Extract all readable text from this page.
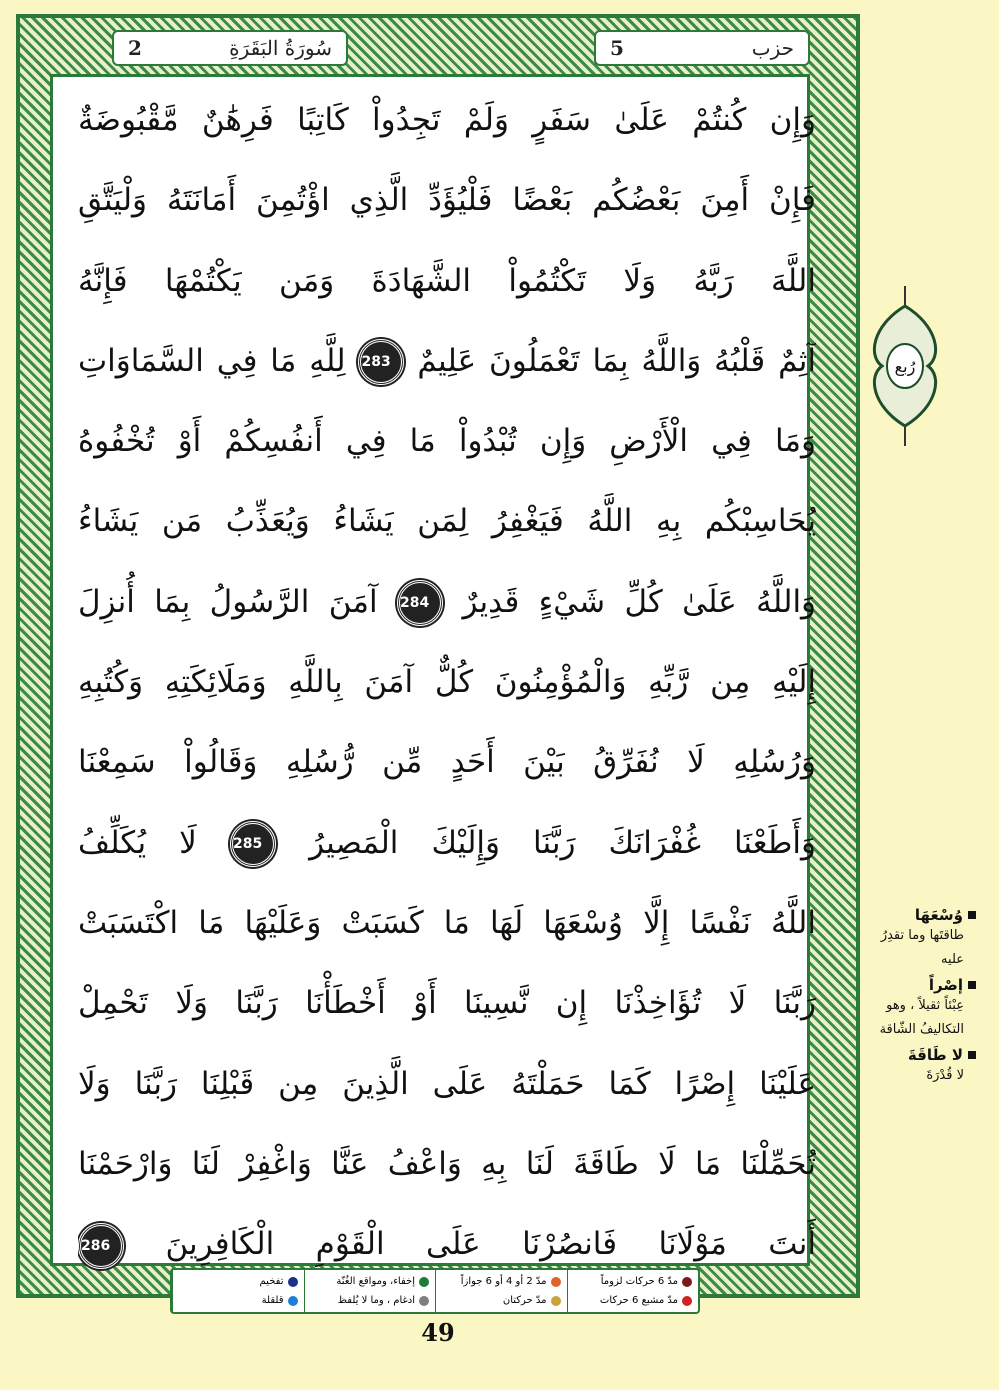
2	سُورَةُ البَقَرَةِ	حزب
5
وَإِن كُنتُمْ عَلَىٰ سَفَرٍ وَلَمْ تَجِدُواْ كَاتِبًا فَرِهَٰنٌ مَّقْبُوضَةٌ
فَإِنْ أَمِنَ بَعْضُكُم بَعْضًا فَلْيُؤَدِّ الَّذِي اؤْتُمِنَ أَمَانَتَهُ وَلْيَتَّقِ
اللَّهَ رَبَّهُ وَلَا تَكْتُمُواْ الشَّهَادَةَ وَمَن يَكْتُمْهَا فَإِنَّهُ
آثِمٌ قَلْبُهُ وَاللَّهُ بِمَا تَعْمَلُونَ عَلِيمٌ 283 لِلَّهِ مَا فِي السَّمَاوَاتِ
وَمَا فِي الْأَرْضِ وَإِن تُبْدُواْ مَا فِي أَنفُسِكُمْ أَوْ تُخْفُوهُ
يُحَاسِبْكُم بِهِ اللَّهُ فَيَغْفِرُ لِمَن يَشَاءُ وَيُعَذِّبُ مَن يَشَاءُ
وَاللَّهُ عَلَىٰ كُلِّ شَيْءٍ قَدِيرٌ 284 آمَنَ الرَّسُولُ بِمَا أُنزِلَ
إِلَيْهِ مِن رَّبِّهِ وَالْمُؤْمِنُونَ كُلٌّ آمَنَ بِاللَّهِ وَمَلَائِكَتِهِ وَكُتُبِهِ
وَرُسُلِهِ لَا نُفَرِّقُ بَيْنَ أَحَدٍ مِّن رُّسُلِهِ وَقَالُواْ سَمِعْنَا
وَأَطَعْنَا غُفْرَانَكَ رَبَّنَا وَإِلَيْكَ الْمَصِيرُ 285 لَا يُكَلِّفُ
اللَّهُ نَفْسًا إِلَّا وُسْعَهَا لَهَا مَا كَسَبَتْ وَعَلَيْهَا مَا اكْتَسَبَتْ
رَبَّنَا لَا تُؤَاخِذْنَا إِن نَّسِينَا أَوْ أَخْطَأْنَا رَبَّنَا وَلَا تَحْمِلْ
عَلَيْنَا إِصْرًا كَمَا حَمَلْتَهُ عَلَى الَّذِينَ مِن قَبْلِنَا رَبَّنَا وَلَا
تُحَمِّلْنَا مَا لَا طَاقَةَ لَنَا بِهِ وَاعْفُ عَنَّا وَاغْفِرْ لَنَا وَارْحَمْنَا
أَنتَ مَوْلَانَا فَانصُرْنَا عَلَى الْقَوْمِ الْكَافِرِينَ 286
رُبع
وُسْعَهَا
طاقتَها وما تقدِرُ عليه
إصْراً
عِبْئاً ثقيلاً ، وهو التكاليفُ الشّاقة
لا طَاقَةَ
لا قُدْرَةَ
مدّ 6 حركات لزوماً
مدّ مشبع 6 حركات
مدّ 2 أو 4 أو 6 جوازاً
مدّ حركتان
إخفاء، ومواقع الغُنّة
ادغام ، وما لا يُلفظ
تفخيم
قلقلة
49
